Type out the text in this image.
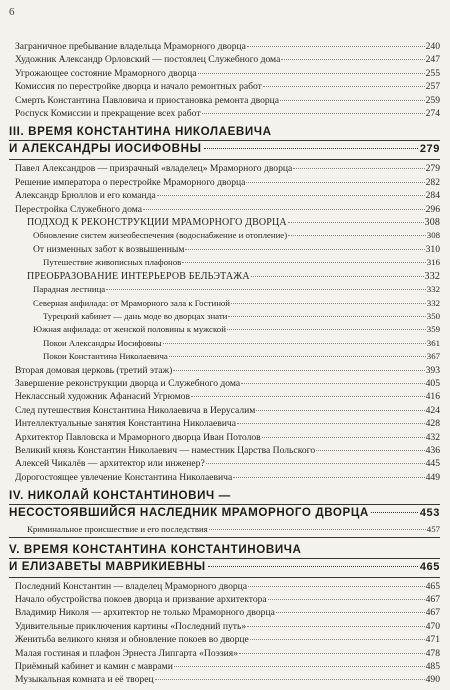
6
Заграничное пребывание владельца Мраморного дворца	240
Художник Александр Орловский — постоялец Служебного дома	247
Угрожающее состояние Мраморного дворца	255
Комиссия по перестройке дворца и начало ремонтных работ	257
Смерть Константина Павловича и приостановка ремонта дворца	259
Роспуск Комиссии и прекращение всех работ	274
III. ВРЕМЯ КОНСТАНТИНА НИКОЛАЕВИЧА
И АЛЕКСАНДРЫ ИОСИФОВНЫ	279
Павел Александров — призрачный «владелец» Мраморного дворца	279
Решение императора о перестройке Мраморного дворца	282
Александр Брюллов и его команда	284
Перестройка Служебного дома	296
ПОДХОД К РЕКОНСТРУКЦИИ МРАМОРНОГО ДВОРЦА	308
Обновление систем жизеобеспечения (водоснабжение и отопление)	308
От низменных забот к возвышенным	310
Путешествие живописных плафонов	316
ПРЕОБРАЗОВАНИЕ ИНТЕРЬЕРОВ БЕЛЬЭТАЖА	332
Парадная лестница	332
Северная анфилада: от Мраморного зала к Гостиной	332
Турецкий кабинет — дань моде во дворцах знати	350
Южная анфилада: от женской половины к мужской	359
Покои Александры Иосифовны	361
Покои Константина Николаевича	367
Вторая домовая церковь (третий этаж)	393
Завершение реконструкции дворца и Служебного дома	405
Неклассный художник Афанасий Угрюмов	416
След путешествия Константина Николаевича в Иерусалим	424
Интеллектуальные занятия Константина Николаевича	428
Архитектор Павловска и Мраморного дворца Иван Потолов	432
Великий князь Константин Николаевич — наместник Царства Польского	436
Алексей Чикалёв — архитектор или инженер?	445
Дорогостоящее увлечение Константина Николаевича	449
IV. НИКОЛАЙ КОНСТАНТИНОВИЧ —
НЕСОСТОЯВШИЙСЯ НАСЛЕДНИК МРАМОРНОГО ДВОРЦА	453
Криминальное происшествие и его последствия	457
V. ВРЕМЯ КОНСТАНТИНА КОНСТАНТИНОВИЧА
И ЕЛИЗАВЕТЫ МАВРИКИЕВНЫ	465
Последний Константин — владелец Мраморного дворца	465
Начало обустройства покоев дворца и призвание архитектора	467
Владимир Николя — архитектор не только Мраморного дворца	467
Удивительные приключения картины «Последний путь»	470
Женитьба великого князя и обновление покоев во дворце	471
Малая гостиная и плафон Эрнеста Липгарта «Поэзия»	478
Приёмный кабинет и камин с маврами	485
Музыкальная комната и её творец	490
